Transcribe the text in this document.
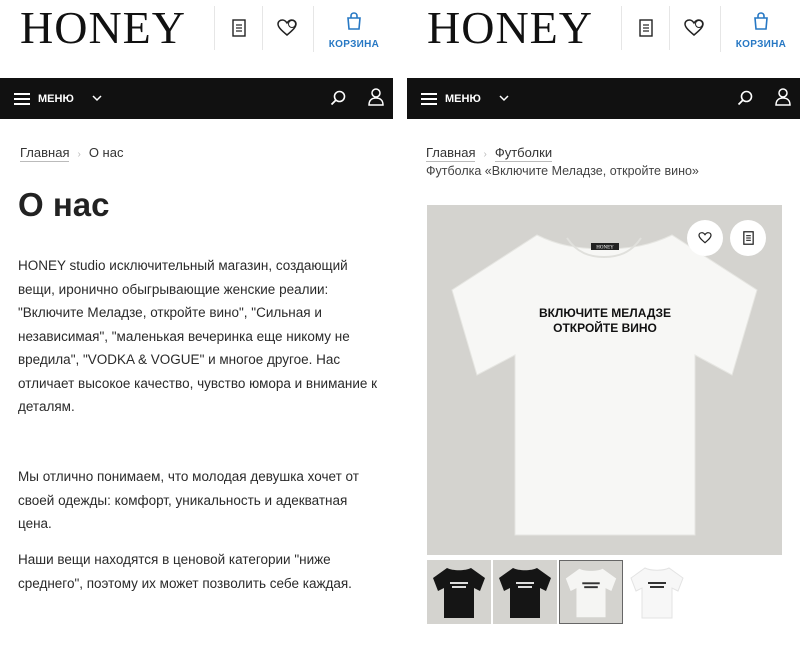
HONEY	КОРЗИНА
МЕНЮ
Главная › О нас
О нас

HONEY studio исключительный магазин, создающий вещи, иронично обыгрывающие женские реалии: "Включите Меладзе, откройте вино", "Сильная и независимая", "маленькая вечеринка еще никому не вредила", "VODKA & VOGUE" и многое другое. Нас отличает высокое качество, чувство юмора и внимание к деталям.

Мы отлично понимаем, что молодая девушка хочет от своей одежды: комфорт, уникальность и адекватная цена.

Наши вещи находятся в ценовой категории "ниже среднего", поэтому их может позволить себе каждая.

HONEY	КОРЗИНА
МЕНЮ
Главная › Футболки
Футболка «Включите Меладзе, откройте вино»
HONEY
ВКЛЮЧИТЕ МЕЛАДЗЕ
ОТКРОЙТЕ ВИНО
